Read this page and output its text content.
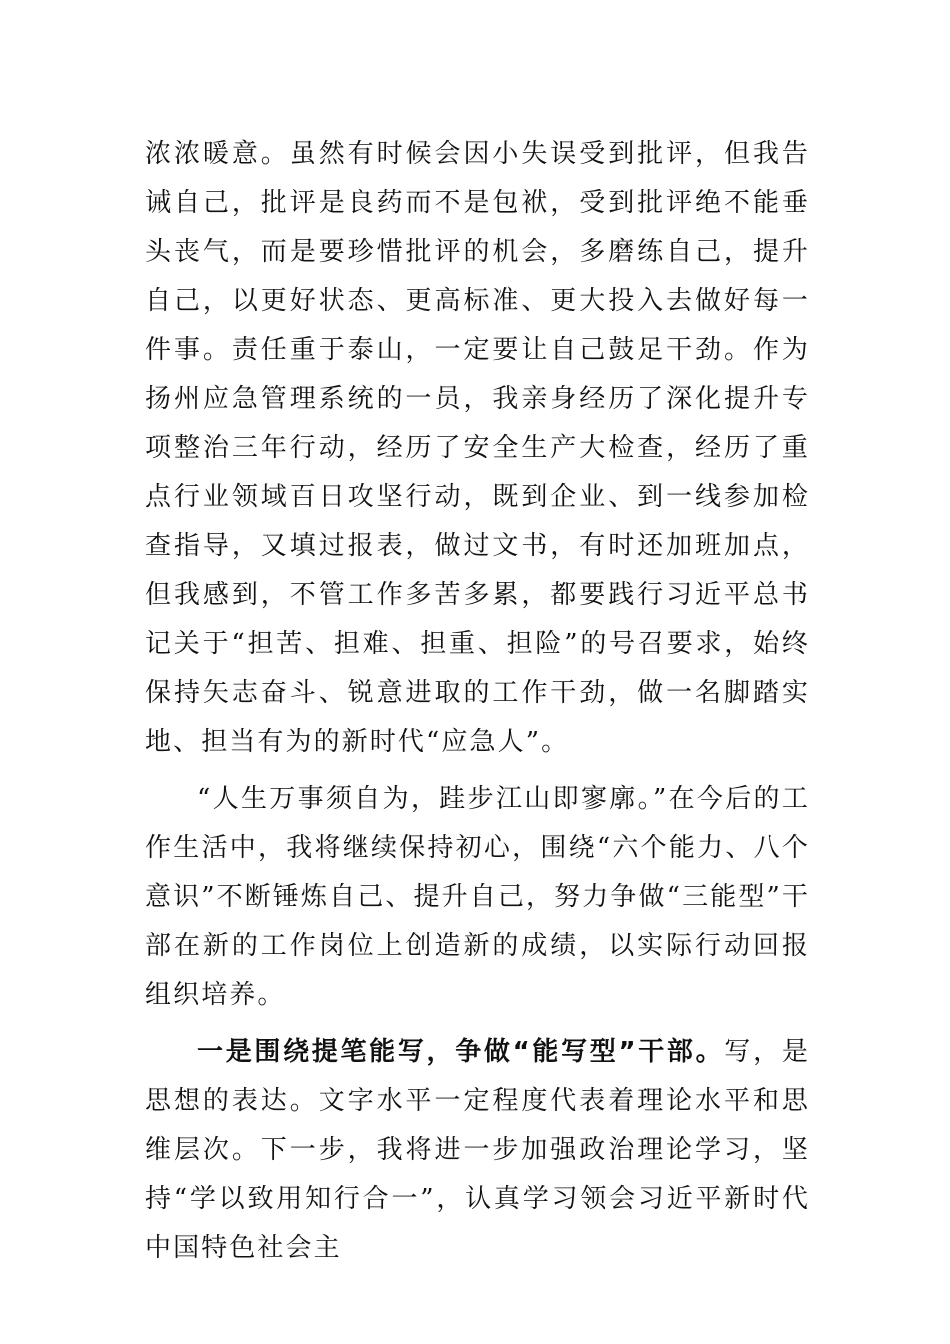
浓浓暖意。虽然有时候会因小失误受到批评，但我告诫自己，批评是良药而不是包袱，受到批评绝不能垂头丧气，而是要珍惜批评的机会，多磨练自己，提升自己，以更好状态、更高标准、更大投入去做好每一件事。责任重于泰山，一定要让自己鼓足干劲。作为扬州应急管理系统的一员，我亲身经历了深化提升专项整治三年行动，经历了安全生产大检查，经历了重点行业领域百日攻坚行动，既到企业、到一线参加检查指导，又填过报表，做过文书，有时还加班加点，但我感到，不管工作多苦多累，都要践行习近平总书记关于“担苦、担难、担重、担险”的号召要求，始终保持矢志奋斗、锐意进取的工作干劲，做一名脚踏实地、担当有为的新时代“应急人”。

“人生万事须自为，跬步江山即寥廓。”在今后的工作生活中，我将继续保持初心，围绕“六个能力、八个意识”不断锤炼自己、提升自己，努力争做“三能型”干部在新的工作岗位上创造新的成绩，以实际行动回报组织培养。

一是围绕提笔能写，争做“能写型”干部。写，是思想的表达。文字水平一定程度代表着理论水平和思维层次。下一步，我将进一步加强政治理论学习，坚持“学以致用知行合一”，认真学习领会习近平新时代中国特色社会主
